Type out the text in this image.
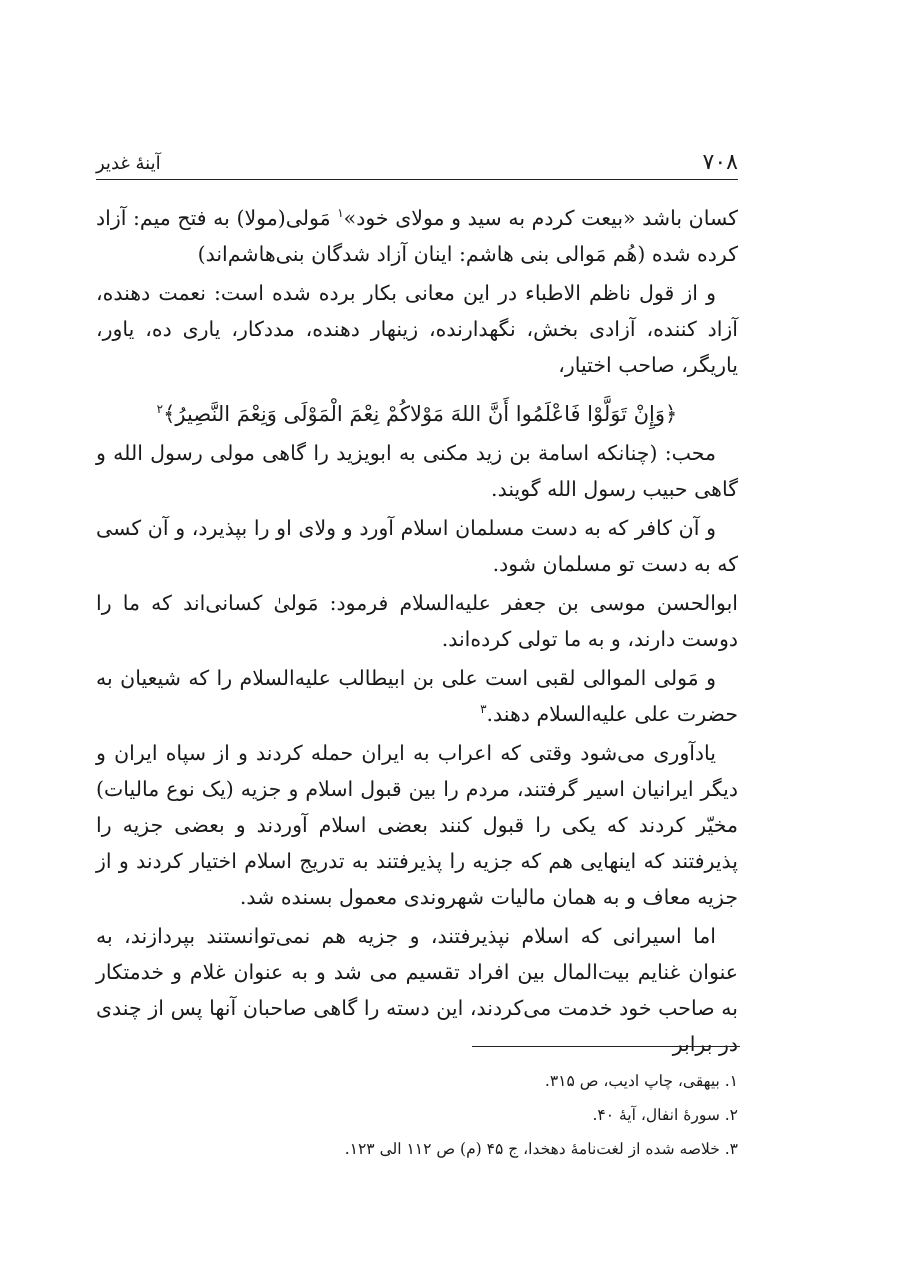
۷۰۸
آینهٔ غدیر

کسان باشد «بیعت کردم به سید و مولای خود»$^۱$ مَولی(مولا) به فتح میم: آزاد کرده شده (هُم مَوالی بنی هاشم: اینان آزاد شدگان بنی‌هاشم‌اند)

و از قول ناظم الاطباء در این معانی بکار برده شده است: نعمت دهنده، آزاد کننده، آزادی بخش، نگهدارنده، زینهار دهنده، مددکار، یاری ده، یاور، یاریگر، صاحب اختیار،

﴿وَإِنْ تَوَلَّوْا فَاعْلَمُوا أَنَّ اللهَ مَوْلاكُمْ نِعْمَ الْمَوْلَى وَنِعْمَ النَّصِيرُ﴾$^۲$

محب: (چنانکه اسامة بن زید مکنی به ابویزید را گاهی مولی رسول الله و گاهی حبیب رسول الله گویند.

و آن کافر که به دست مسلمان اسلام آورد و ولای او را بپذیرد، و آن کسی که به دست تو مسلمان شود.

ابوالحسن موسی بن جعفر علیه‌السلام فرمود: مَولیٰ کسانی‌اند که ما را دوست دارند، و به ما تولی کرده‌اند.

و مَولی الموالی لقبی است علی بن ابیطالب علیه‌السلام را که شیعیان به حضرت علی علیه‌السلام دهند.$^۳$

یادآوری می‌شود وقتی که اعراب به ایران حمله کردند و از سپاه ایران و دیگر ایرانیان اسیر گرفتند، مردم را بین قبول اسلام و جزیه (یک نوع مالیات) مخیّر کردند که یکی را قبول کنند بعضی اسلام آوردند و بعضی جزیه را پذیرفتند که اینهایی هم که جزیه را پذیرفتند به تدریج اسلام اختیار کردند و از جزیه معاف و به همان مالیات شهروندی معمول بسنده شد.

اما اسیرانی که اسلام نپذیرفتند، و جزیه هم نمی‌توانستند بپردازند، به عنوان غنایم بیت‌المال بین افراد تقسیم می شد و به عنوان غلام و خدمتکار به صاحب خود خدمت می‌کردند، این دسته را گاهی صاحبان آنها پس از چندی در برابر

۱. بیهقی، چاپ ادیب، ص ۳۱۵.

۲. سورهٔ انفال، آیهٔ ۴۰.

۳. خلاصه شده از لغت‌نامهٔ دهخدا، ج ۴۵ (م) ص ۱۱۲ الی ۱۲۳.
